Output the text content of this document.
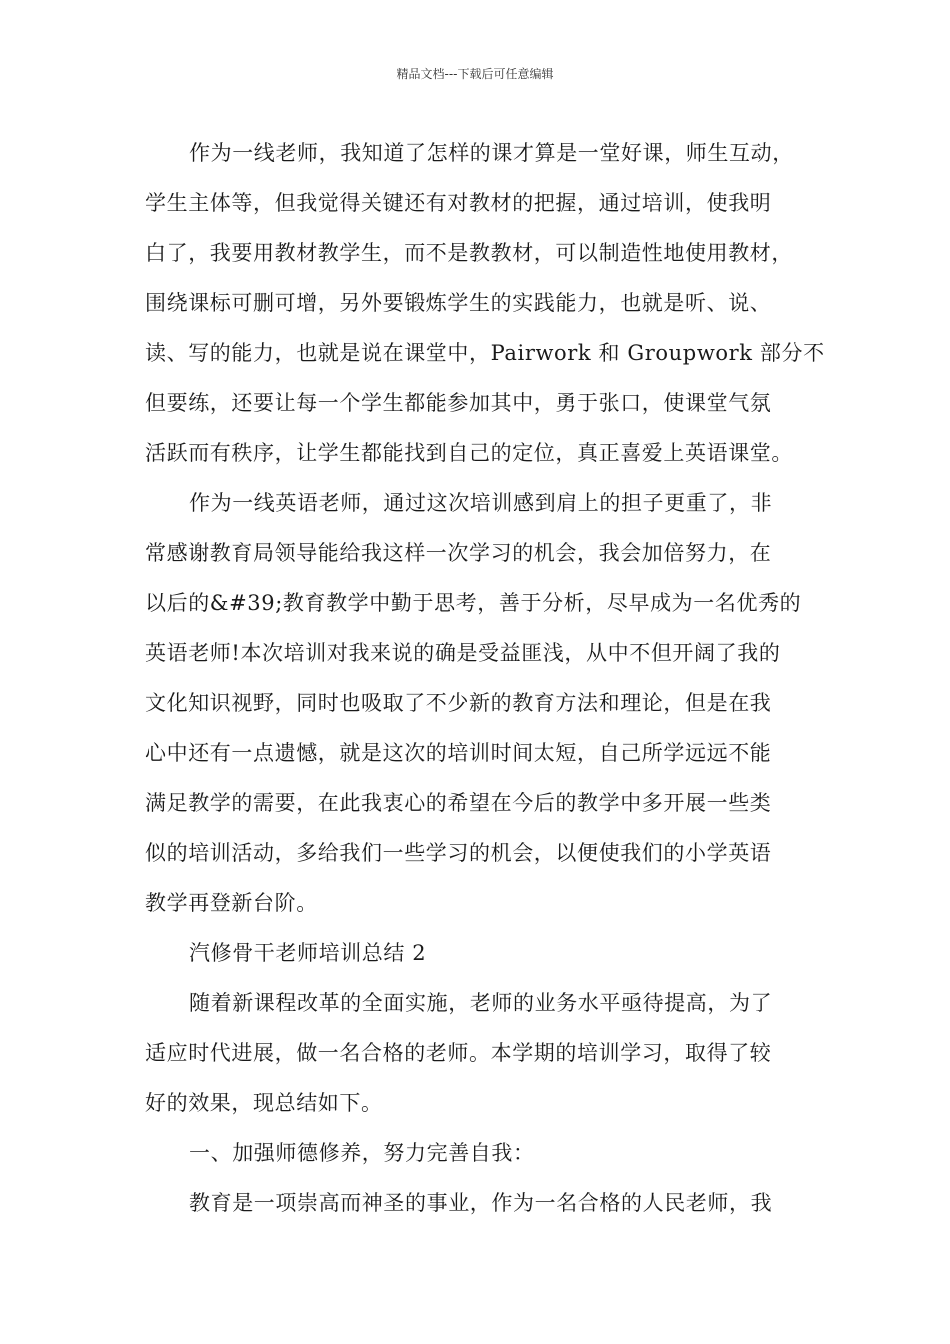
精品文档---下载后可任意编辑
作为一线老师，我知道了怎样的课才算是一堂好课，师生互动，
学生主体等，但我觉得关键还有对教材的把握，通过培训，使我明
白了，我要用教材教学生，而不是教教材，可以制造性地使用教材，
围绕课标可删可增，另外要锻炼学生的实践能力，也就是听、说、
读、写的能力，也就是说在课堂中，Pairwork 和 Groupwork 部分不
但要练，还要让每一个学生都能参加其中，勇于张口，使课堂气氛
活跃而有秩序，让学生都能找到自己的定位，真正喜爱上英语课堂。
作为一线英语老师，通过这次培训感到肩上的担子更重了，非
常感谢教育局领导能给我这样一次学习的机会，我会加倍努力，在
以后的&#39;教育教学中勤于思考，善于分析，尽早成为一名优秀的
英语老师!本次培训对我来说的确是受益匪浅，从中不但开阔了我的
文化知识视野，同时也吸取了不少新的教育方法和理论，但是在我
心中还有一点遗憾，就是这次的培训时间太短，自己所学远远不能
满足教学的需要，在此我衷心的希望在今后的教学中多开展一些类
似的培训活动，多给我们一些学习的机会，以便使我们的小学英语
教学再登新台阶。
汽修骨干老师培训总结 2
随着新课程改革的全面实施，老师的业务水平亟待提高，为了
适应时代进展，做一名合格的老师。本学期的培训学习，取得了较
好的效果，现总结如下。
一、加强师德修养，努力完善自我：
教育是一项崇高而神圣的事业，作为一名合格的人民老师，我
